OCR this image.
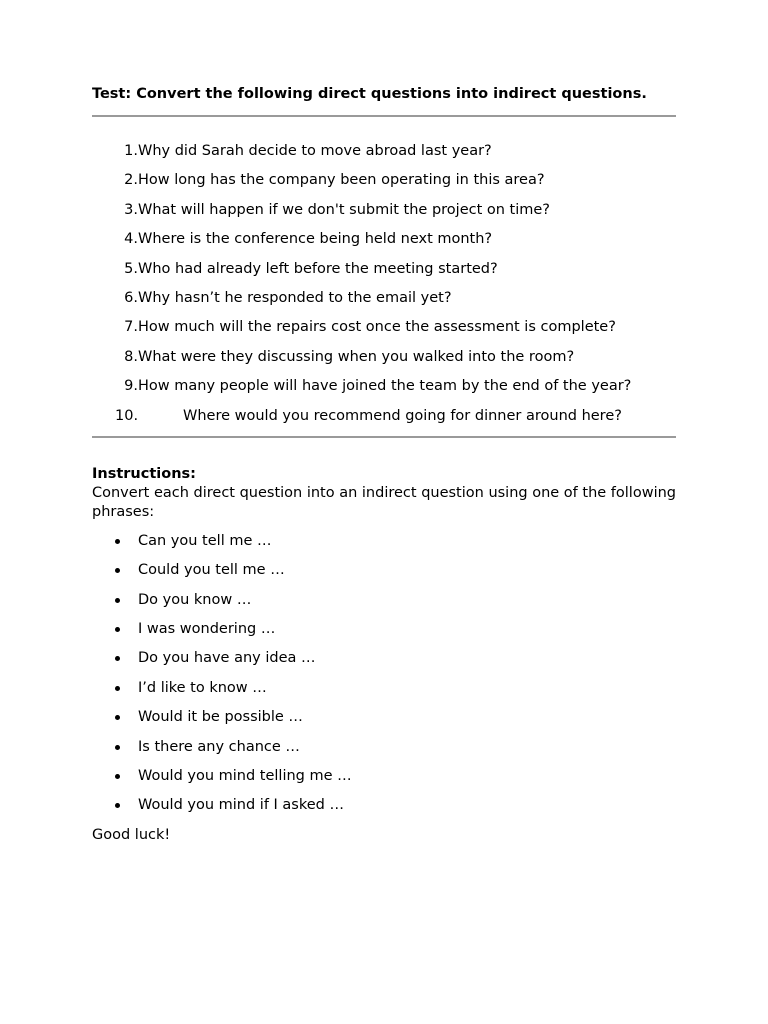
Test: Convert the following direct questions into indirect questions.

1. Why did Sarah decide to move abroad last year?
2. How long has the company been operating in this area?
3. What will happen if we don't submit the project on time?
4. Where is the conference being held next month?
5. Who had already left before the meeting started?
6. Why hasn’t he responded to the email yet?
7. How much will the repairs cost once the assessment is complete?
8. What were they discussing when you walked into the room?
9. How many people will have joined the team by the end of the year?
10.	Where would you recommend going for dinner around here?

Instructions:

Convert each direct question into an indirect question using one of the following phrases:

Can you tell me …
Could you tell me …
Do you know …
I was wondering …
Do you have any idea …
I’d like to know …
Would it be possible …
Is there any chance …
Would you mind telling me …
Would you mind if I asked …

Good luck!
